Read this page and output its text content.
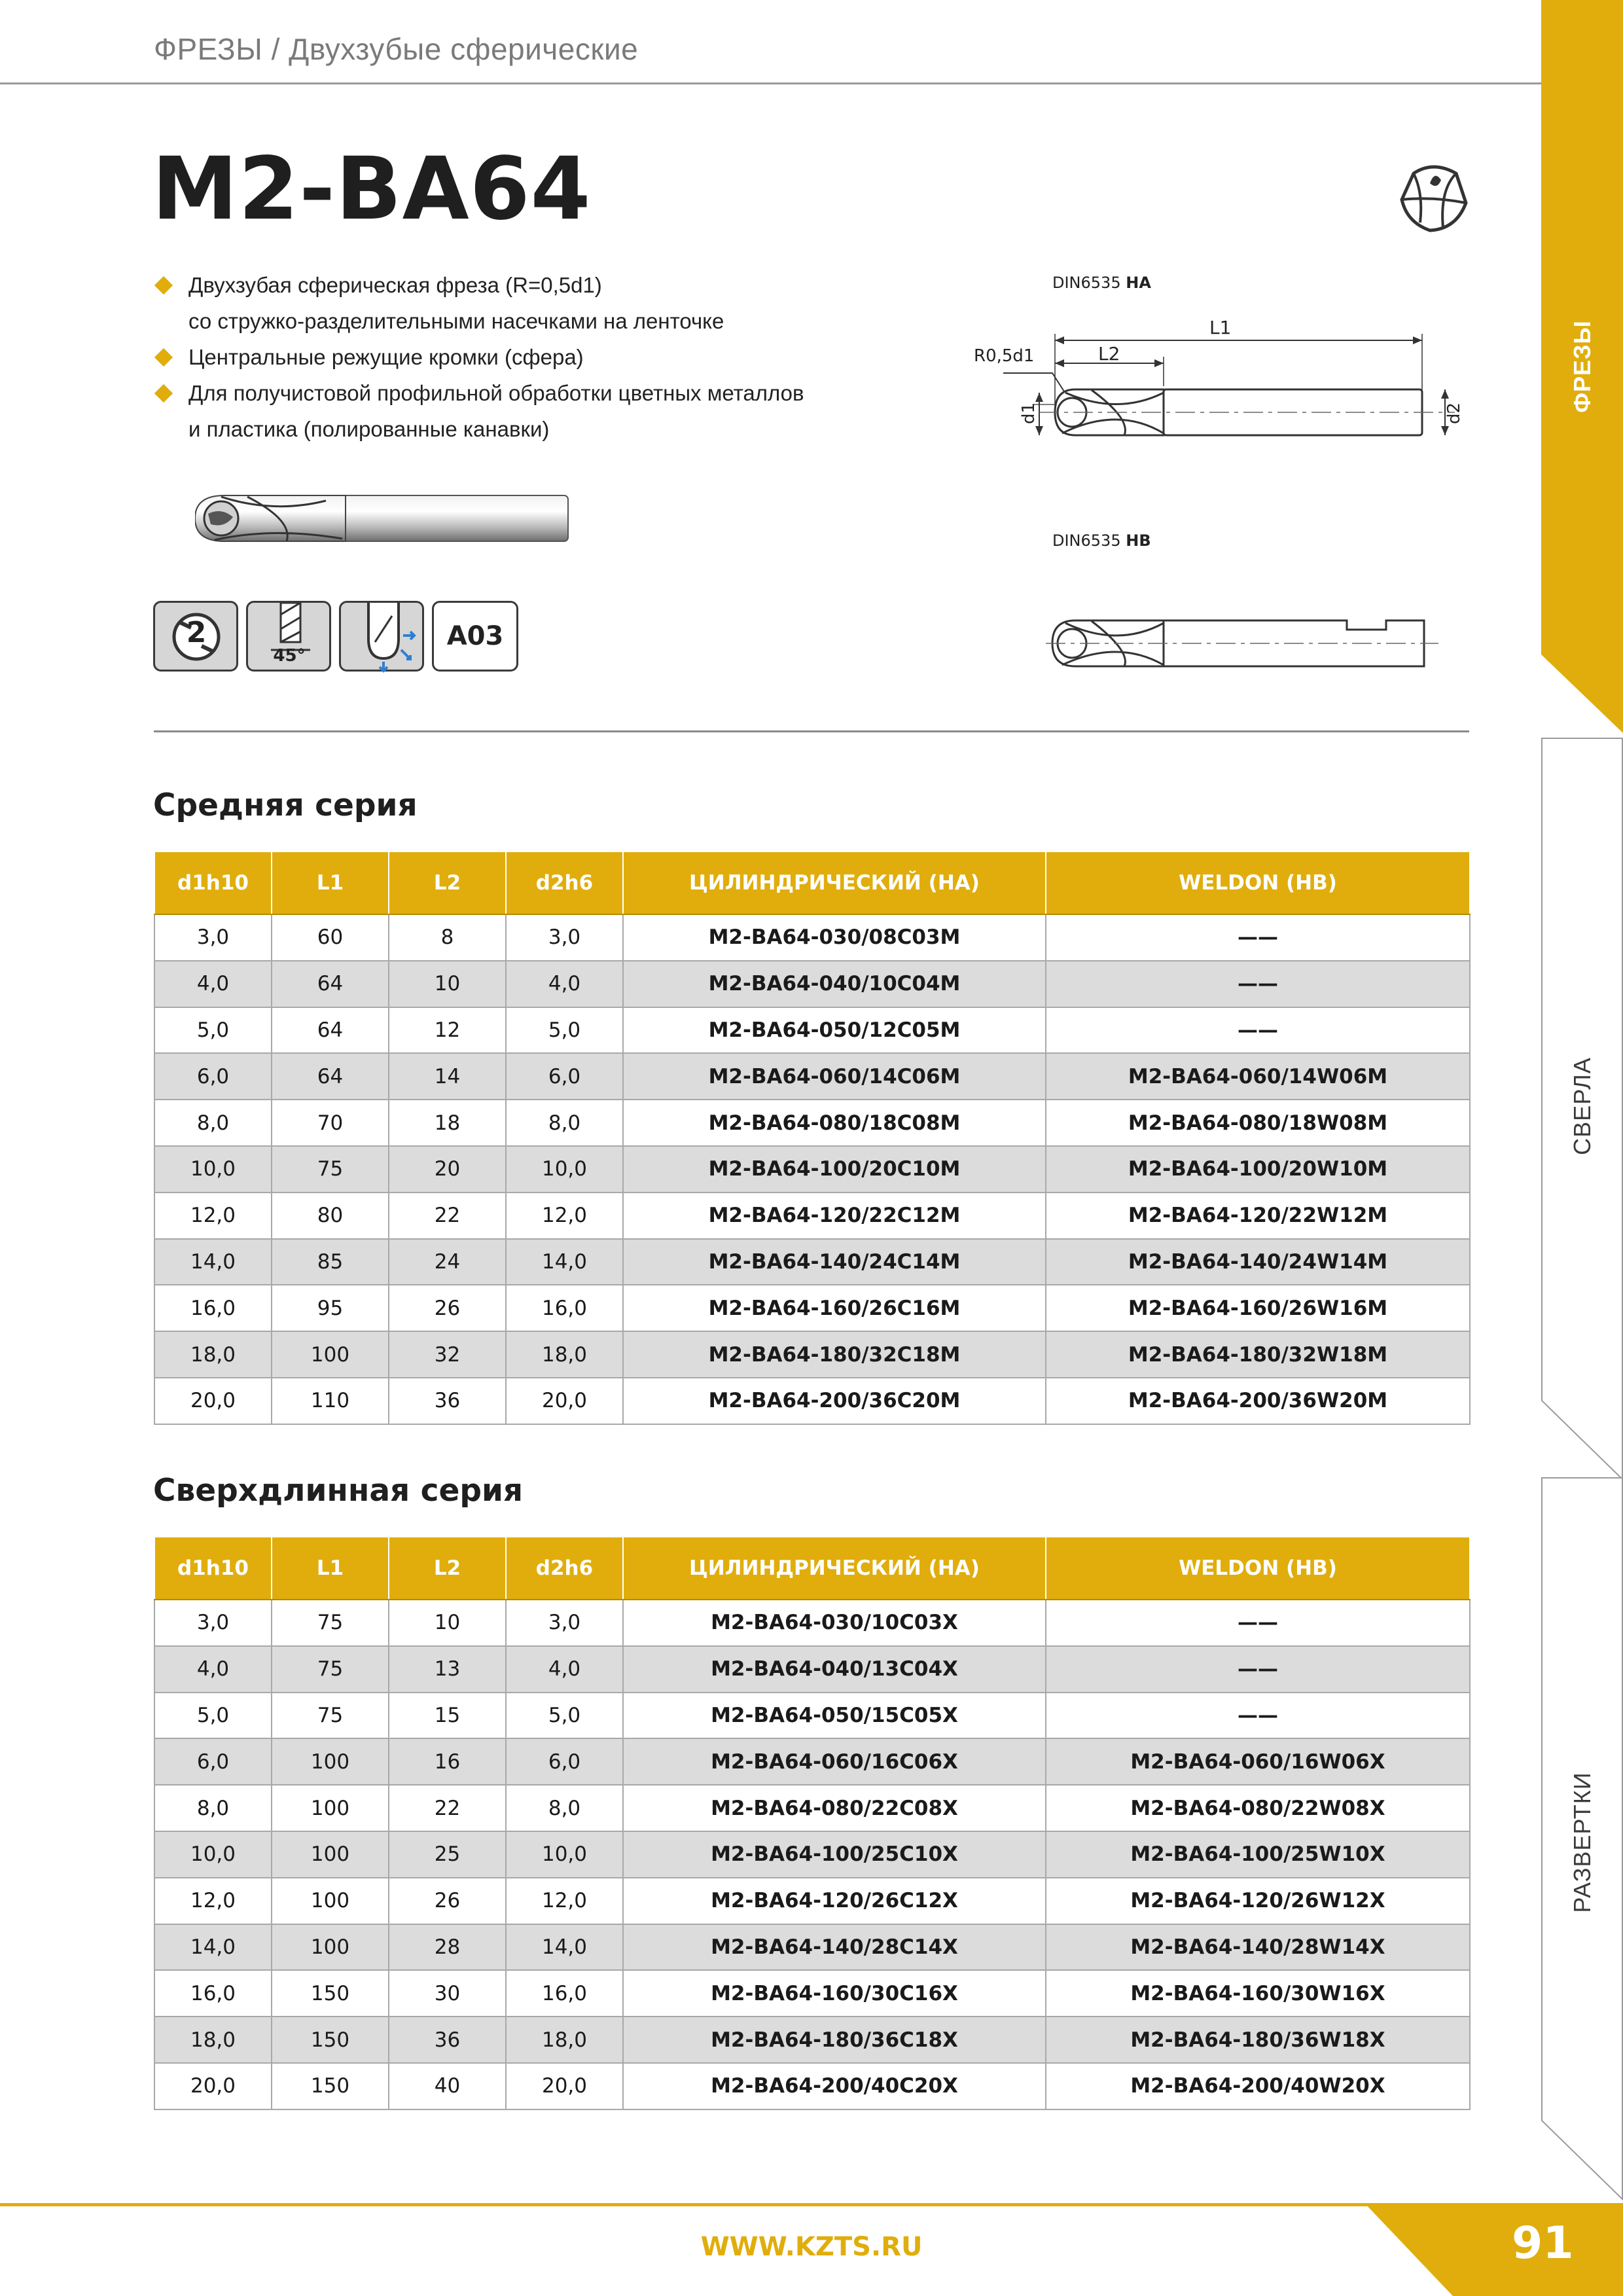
ФРЕЗЫ / Двухзубые сферические
M2-BA64
Двухзубая сферическая фреза (R=0,5d1)
со стружко-разделительными насечками на ленточке
Центральные режущие кромки (сфера)
Для получистовой профильной обработки цветных металлов
и пластика (полированные канавки)
2
45°
A03
DIN6535 HA
L1
L2
R0,5d1
d1	d2
DIN6535 HB
Средняя серия
d1h10	L1	L2	d2h6	ЦИЛИНДРИЧЕСКИЙ (HA)	WELDON (HB)
3,0	60	8	3,0	M2-BA64-030/08C03M	——
4,0	64	10	4,0	M2-BA64-040/10C04M	——
5,0	64	12	5,0	M2-BA64-050/12C05M	——
6,0	64	14	6,0	M2-BA64-060/14C06M	M2-BA64-060/14W06M
8,0	70	18	8,0	M2-BA64-080/18C08M	M2-BA64-080/18W08M
10,0	75	20	10,0	M2-BA64-100/20C10M	M2-BA64-100/20W10M
12,0	80	22	12,0	M2-BA64-120/22C12M	M2-BA64-120/22W12M
14,0	85	24	14,0	M2-BA64-140/24C14M	M2-BA64-140/24W14M
16,0	95	26	16,0	M2-BA64-160/26C16M	M2-BA64-160/26W16M
18,0	100	32	18,0	M2-BA64-180/32C18M	M2-BA64-180/32W18M
20,0	110	36	20,0	M2-BA64-200/36C20M	M2-BA64-200/36W20M
Сверхдлинная серия
d1h10	L1	L2	d2h6	ЦИЛИНДРИЧЕСКИЙ (HA)	WELDON (HB)
3,0	75	10	3,0	M2-BA64-030/10C03X	——
4,0	75	13	4,0	M2-BA64-040/13C04X	——
5,0	75	15	5,0	M2-BA64-050/15C05X	——
6,0	100	16	6,0	M2-BA64-060/16C06X	M2-BA64-060/16W06X
8,0	100	22	8,0	M2-BA64-080/22C08X	M2-BA64-080/22W08X
10,0	100	25	10,0	M2-BA64-100/25C10X	M2-BA64-100/25W10X
12,0	100	26	12,0	M2-BA64-120/26C12X	M2-BA64-120/26W12X
14,0	100	28	14,0	M2-BA64-140/28C14X	M2-BA64-140/28W14X
16,0	150	30	16,0	M2-BA64-160/30C16X	M2-BA64-160/30W16X
18,0	150	36	18,0	M2-BA64-180/36C18X	M2-BA64-180/36W18X
20,0	150	40	20,0	M2-BA64-200/40C20X	M2-BA64-200/40W20X
ФРЕЗЫ
СВЕРЛА
РАЗВЕРТКИ
WWW.KZTS.RU	91
